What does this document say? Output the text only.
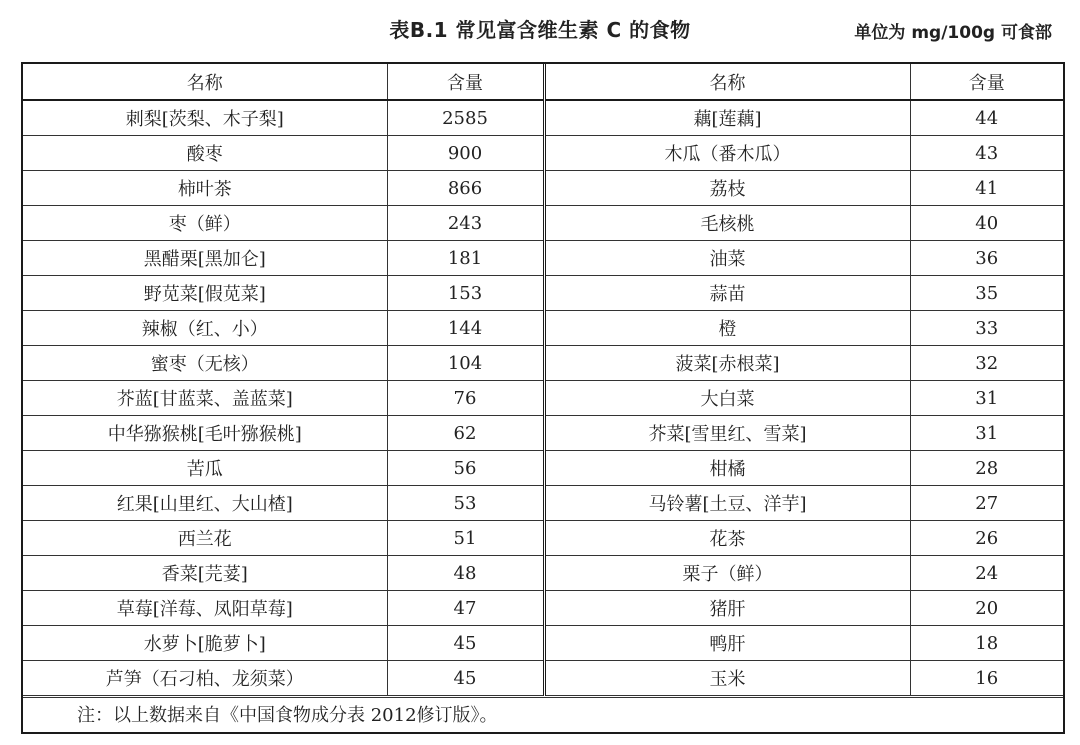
表B.1 常见富含维生素 C 的食物	单位为 mg/100g 可食部
名称	含量	名称	含量
刺梨[茨梨、木子梨]	2585	藕[莲藕]	44
酸枣	900	木瓜（番木瓜）	43
柿叶茶	866	荔枝	41
枣（鲜）	243	毛核桃	40
黑醋栗[黑加仑]	181	油菜	36
野苋菜[假苋菜]	153	蒜苗	35
辣椒（红、小）	144	橙	33
蜜枣（无核）	104	菠菜[赤根菜]	32
芥蓝[甘蓝菜、盖蓝菜]	76	大白菜	31
中华猕猴桃[毛叶猕猴桃]	62	芥菜[雪里红、雪菜]	31
苦瓜	56	柑橘	28
红果[山里红、大山楂]	53	马铃薯[土豆、洋芋]	27
西兰花	51	花茶	26
香菜[芫荽]	48	栗子（鲜）	24
草莓[洋莓、凤阳草莓]	47	猪肝	20
水萝卜[脆萝卜]	45	鸭肝	18
芦笋（石刁柏、龙须菜）	45	玉米	16
注：以上数据来自《中国食物成分表 2012修订版》。
